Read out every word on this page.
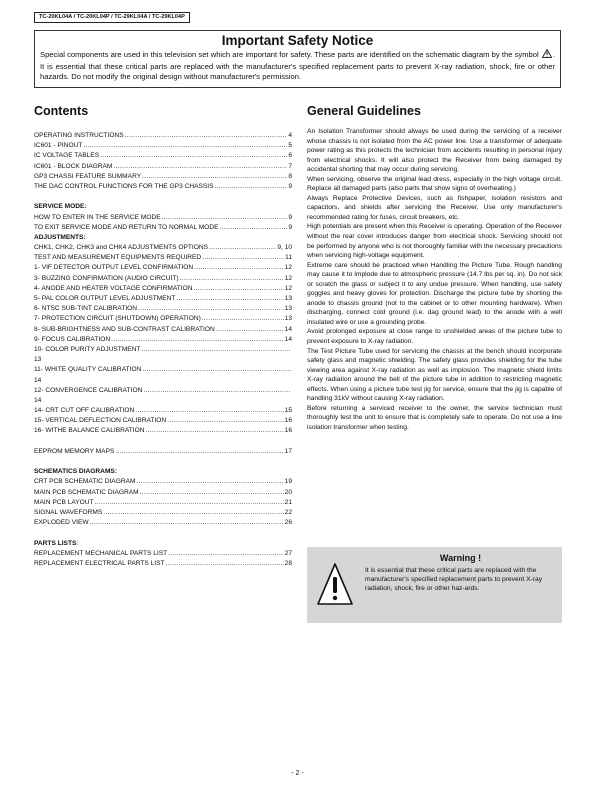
TC-20KL04A / TC-20KL04P / TC-29KL04A / TC-29KL04P
Important Safety Notice
Special components are used in this television set which are important for safety. These parts are identified on the schematic diagram by the symbol . It is essential that these critical parts are replaced with the manufacturer's specified replacement parts to prevent X-ray radiation, shock, fire or other hazards. Do not modify the original design without manufacturer's permission.
Contents	General Guidelines
OPERATING INSTRUCTIONS .....	4
IC601 - PINOUT .....	5
IC VOLTAGE TABLES .....	6
IC601 - BLOCK DIAGRAM .....	7
GP3 CHASSI FEATURE SUMMARY .....	8
THE DAC CONTROL FUNCTIONS FOR THE GP3 CHASSIS .....	9
SERVICE MODE:
HOW TO ENTER IN THE SERVICE MODE .....	9
TO EXIT SERVICE MODE AND RETURN TO NORMAL MODE .....	9
ADJUSTMENTS:
CHK1, CHK2, CHK3 and CHK4 ADJUSTMENTS OPTIONS .....	9, 10
TEST AND MEASUREMENT EQUIPMENTS REQUIRED .....	11
1- VIF DETECTOR OUTPUT LEVEL CONFIRMATION .....	12
3- BUZZING CONFIRMATION (AUDIO CIRCUIT) .....	12
4- ANODE AND HEATER VOLTAGE CONFIRMATION .....	12
5- PAL COLOR OUTPUT LEVEL ADJUSTMENT .....	13
6- NTSC SUB-TINT CALIBRATION .....	13
7- PROTECTION CIRCUIT (SHUTDOWN) OPERATION) .....	13
8- SUB-BRIGHTNESS AND SUB-CONTRAST CALIBRATION .....	14
9- FOCUS CALIBRATION .....	14
10- COLOR PURITY ADJUSTMENT
.....
13
11- WHITE QUALITY CALIBRATION
.....
14
12- CONVERGENCE CALIBRATION
.....
14
14- CRT CUT OFF CALIBRATION .....	15
15- VERTICAL DEFLECTION CALIBRATION .....	16
16- WITHE BALANCE CALIBRATION .....	16
EEPROM MEMORY MAPS .....	17
SCHEMATICS DIAGRAMS:
CRT PCB SCHEMATIC DIAGRAM .....	19
MAIN PCB SCHEMATIC DIAGRAM .....	20
MAIN PCB LAYOUT .....	21
SIGNAL WAVEFORMS .....	22
EXPLODED VIEW .....	26
PARTS LISTS:
REPLACEMENT MECHANICAL PARTS LIST .....	27
REPLACEMENT ELECTRICAL PARTS LIST .....	28

An Isolation Transformer should always be used during the servicing of a receiver whose chassis is not isolated from the AC power line. Use a transformer of adequate power rating as this protects the technician from accidents resulting in personal injury from electrical shocks. It will also protect the Receiver from being damaged by accidental shorting that may occur during servicing.

When servicing, observe the original lead dress, especially in the high voltage circuit. Replace all damaged parts (also parts that show signs of overheating.)

Always Replace Protective Devices, such as fishpaper, isolation resistors and capacitors, and shields after servicing the Receiver. Use only manufacturer's recommended rating for fuses, circuit breakers, etc.

High potentials are present when this Receiver is operating. Operation of the Receiver without the rear cover introduces danger from electrical shock. Servicing should not be performed by anyone who is not thoroughly familiar with the necessary precautions when servicing high-voltage equipment.

Extreme care should be practiced when Handling the Picture Tube. Rough handling may cause it to implode due to atmospheric pressure (14.7 lbs per sq. in). Do not sick or scratch the glass or subject it to any undue pressure. When handling, use safety goggles and heavy gloves for protection. Discharge the picture tube by shorting the anode to chassis ground (not to the cabinet or to other mounting hardware). When discharging, connect cold ground (i.e. dag ground lead) to the anode with a well insulated wire or use a grounding probe.

Avoid prolonged exposure at close range to unshielded areas of the picture tube to prevent exposure to X-ray radiation.

The Test Picture Tube used for servicing the chassis at the bench should incorporate safety glass and magnetic shielding. The safety glass provides shielding for the tube viewing area against X-ray radiation as well as implosion. The magnetic shield limits X-ray radiation around the bell of the picture tube in addition to restricting magnetic effects. When using a picture tube test jig for service, ensure that the jig is capable of handling 31kV without causing X-ray radiation.

Before returning a serviced receiver to the owner, the service technician must thoroughly test the unit to ensure that is completely safe to operate. Do not use a line isolation transformer when testing.

Warning !
It is essential that these critical parts are replaced with the manufacturer's specified replacement parts to prevent X-ray radiation, shock, fire or other haz-ards.
- 2 -
